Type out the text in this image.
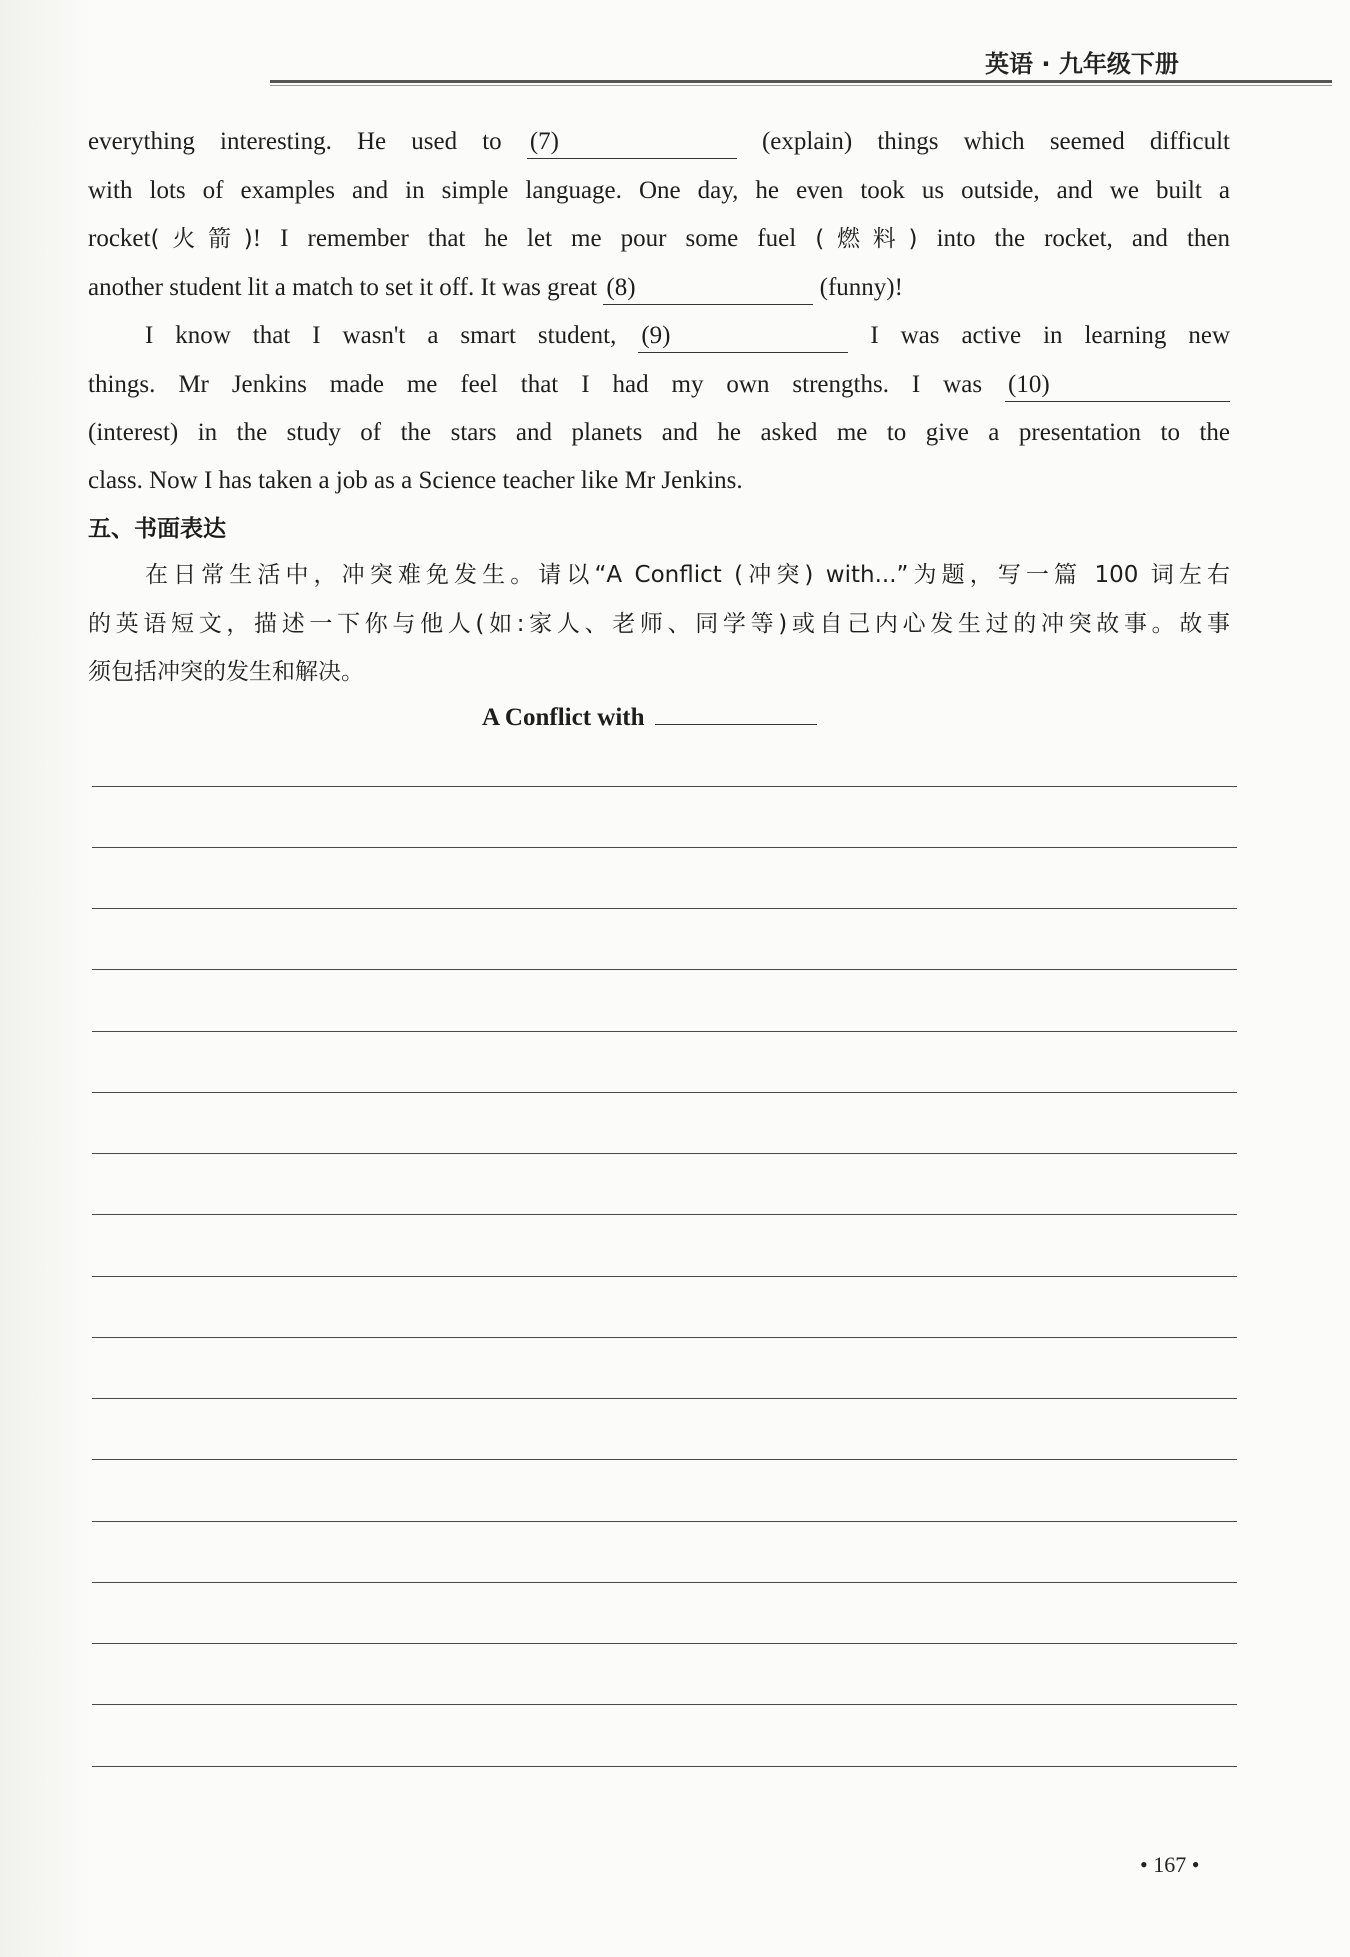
英语 · 九年级下册
everything interesting. He used to (7)	(explain) things which seemed difficult
with lots of examples and in simple language. One day, he even took us outside, and we built a
rocket(火箭)! I remember that he let me pour some fuel (燃料) into the rocket, and then
another student lit a match to set it off. It was great (8)	(funny)!
I know that I wasn't a smart student, (9)	I was active in learning new
things. Mr Jenkins made me feel that I had my own strengths. I was (10)
(interest) in the study of the stars and planets and he asked me to give a presentation to the
class. Now I has taken a job as a Science teacher like Mr Jenkins.
五、书面表达
在日常生活中，冲突难免发生。请以“A Conflict (冲突) with...”为题，写一篇 100 词左右
的英语短文，描述一下你与他人(如:家人、老师、同学等)或自己内心发生过的冲突故事。故事
须包括冲突的发生和解决。
A Conflict with
• 167 •
